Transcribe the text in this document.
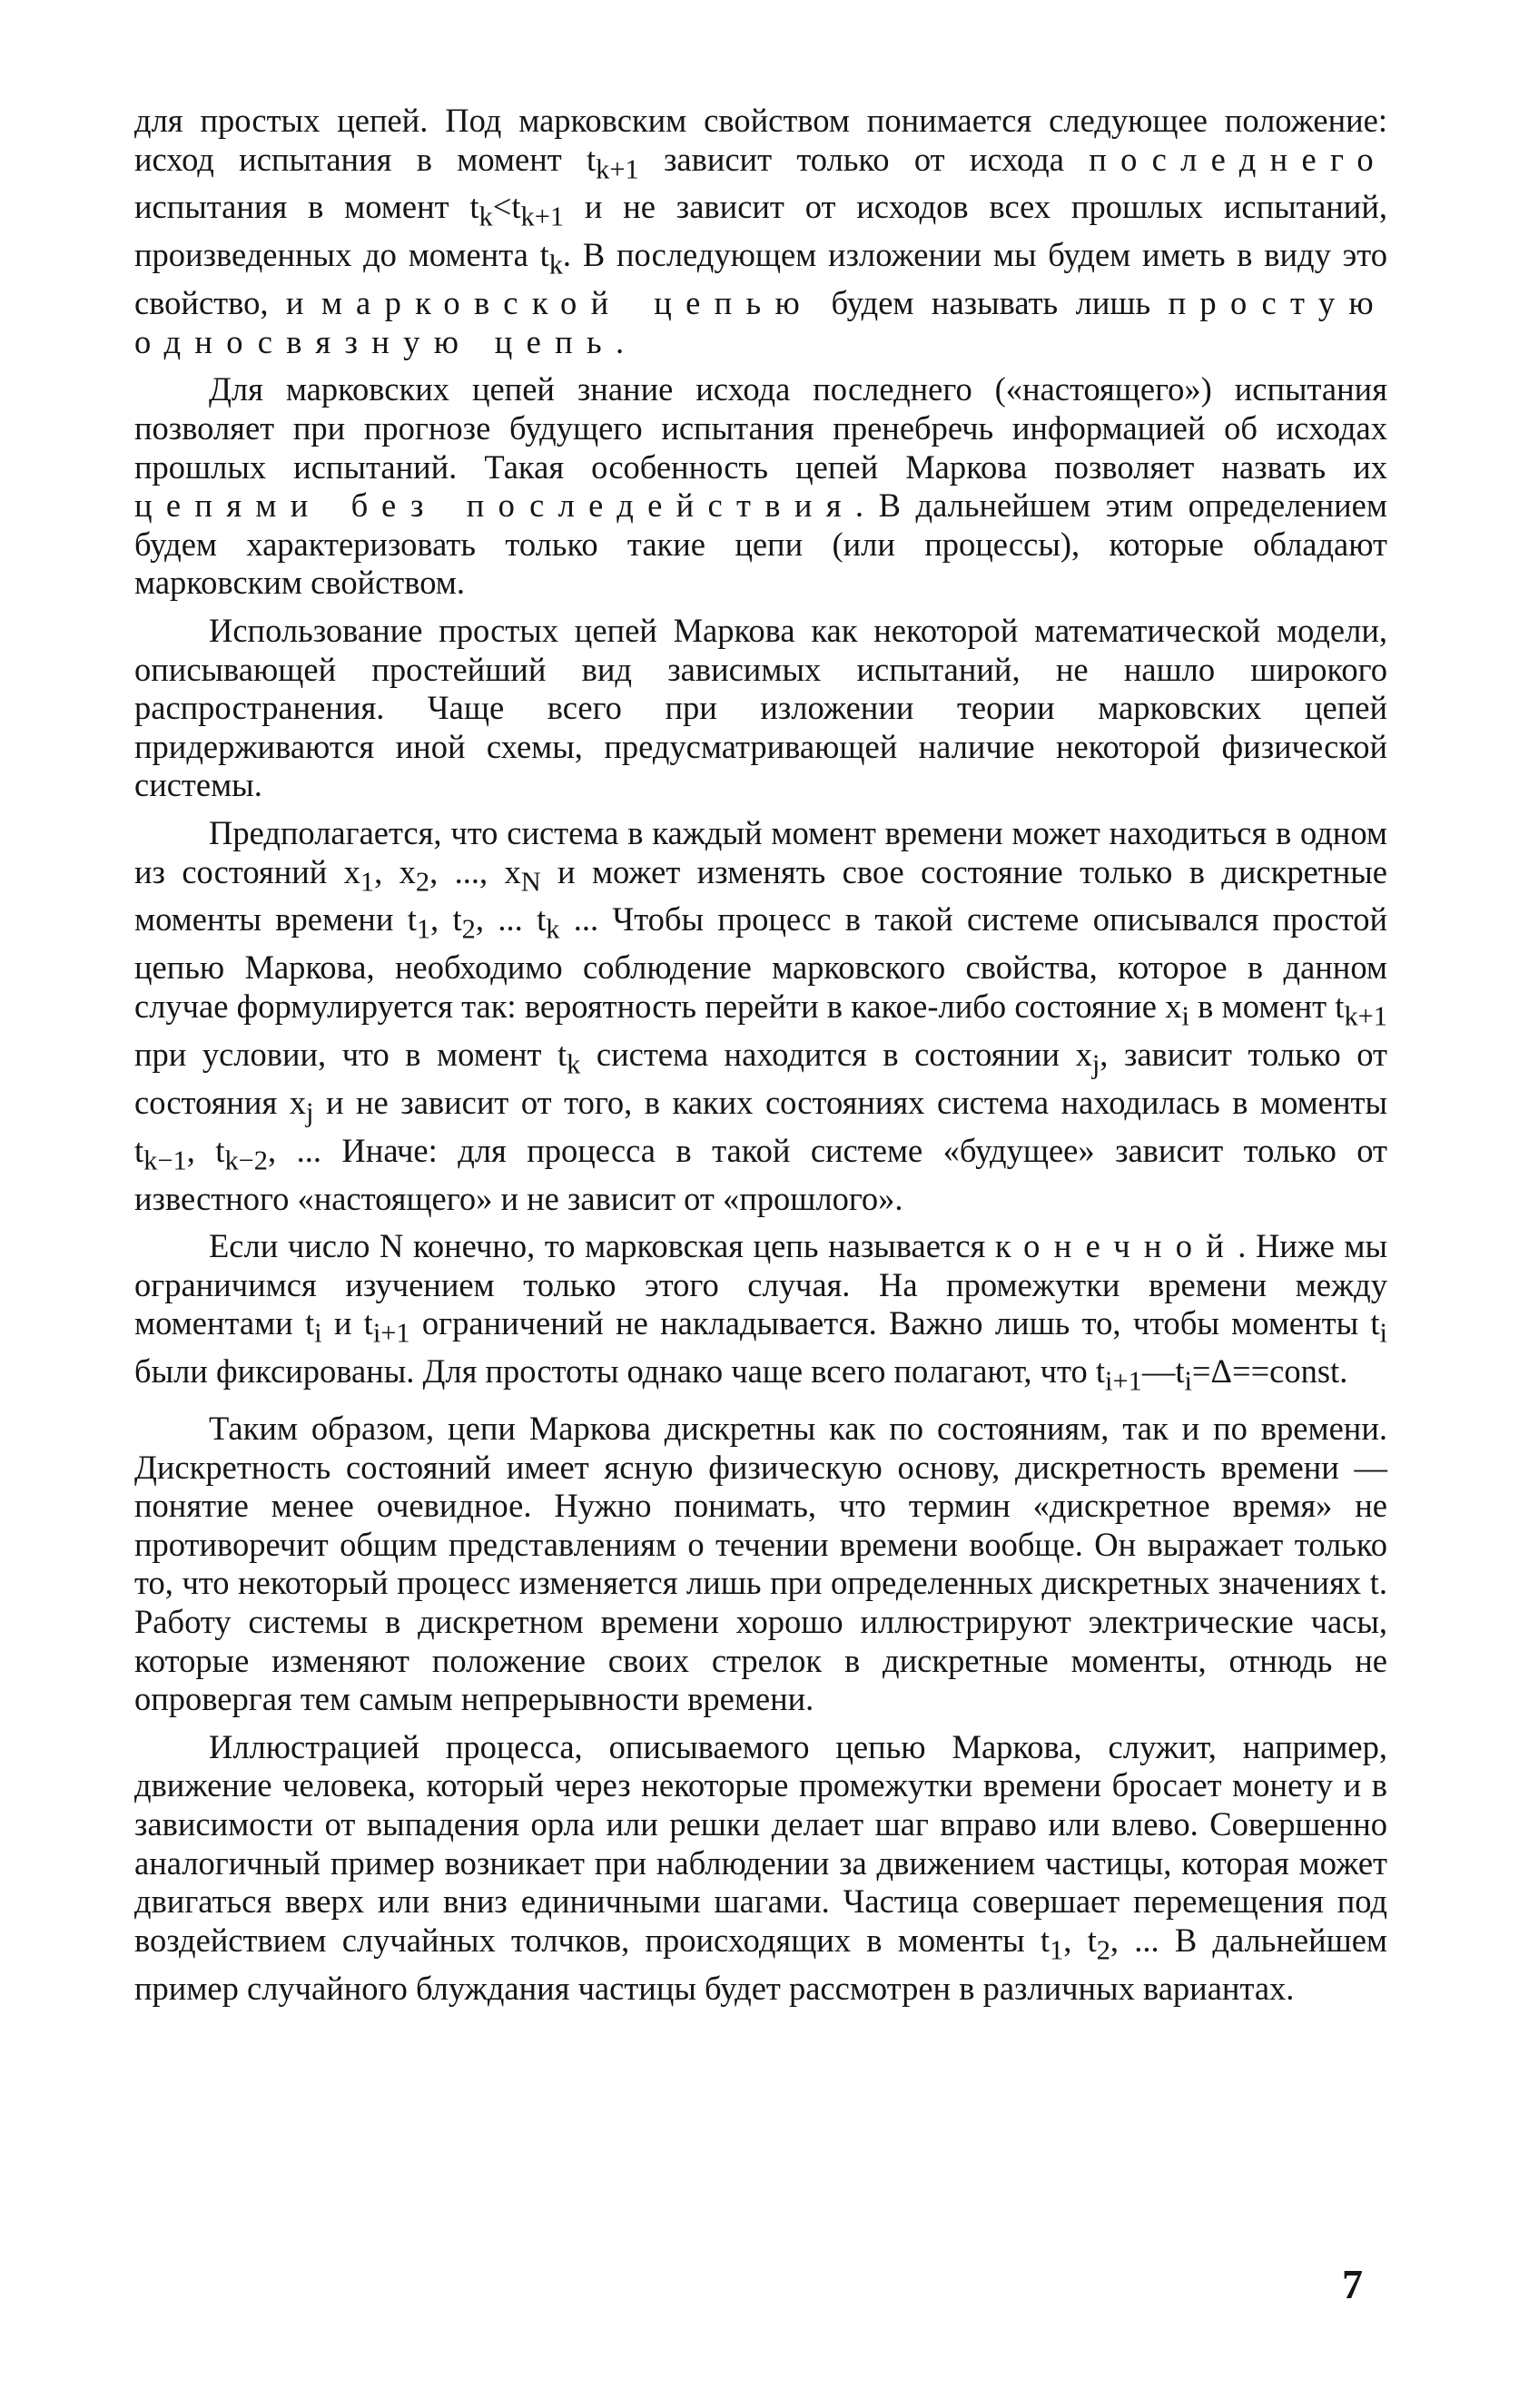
для простых цепей. Под марковским свойством понимается следующее положение: исход испытания в момент $t_{k+1}$ зависит только от исхода последнего испытания в момент $t_k<t_{k+1}$ и не зависит от исходов всех прошлых испытаний, произведенных до момента $t_k$. В последующем изложении мы будем иметь в виду это свойство, и марковской цепью будем называть лишь простую односвязную цепь.

Для марковских цепей знание исхода последнего («настоящего») испытания позволяет при прогнозе будущего испытания пренебречь информацией об исходах прошлых испытаний. Такая особенность цепей Маркова позволяет назвать их цепями без последействия. В дальнейшем этим определением будем характеризовать только такие цепи (или процессы), которые обладают марковским свойством.

Использование простых цепей Маркова как некоторой математической модели, описывающей простейший вид зависимых испытаний, не нашло широкого распространения. Чаще всего при изложении теории марковских цепей придерживаются иной схемы, предусматривающей наличие некоторой физической системы.

Предполагается, что система в каждый момент времени может находиться в одном из состояний $x_1$, $x_2$, ..., $x_N$ и может изменять свое состояние только в дискретные моменты времени $t_1$, $t_2$, ... $t_k$ ... Чтобы процесс в такой системе описывался простой цепью Маркова, необходимо соблюдение марковского свойства, которое в данном случае формулируется так: вероятность перейти в какое-либо состояние $x_i$ в момент $t_{k+1}$ при условии, что в момент $t_k$ система находится в состоянии $x_j$, зависит только от состояния $x_j$ и не зависит от того, в каких состояниях система находилась в моменты $t_{k-1}$, $t_{k-2}$, ... Иначе: для процесса в такой системе «будущее» зависит только от известного «настоящего» и не зависит от «прошлого».

Если число N конечно, то марковская цепь называется конечной. Ниже мы ограничимся изучением только этого случая. На промежутки времени между моментами $t_i$ и $t_{i+1}$ ограничений не накладывается. Важно лишь то, чтобы моменты $t_i$ были фиксированы. Для простоты однако чаще всего полагают, что $t_{i+1}—t_i=\Delta==const$.

Таким образом, цепи Маркова дискретны как по состояниям, так и по времени. Дискретность состояний имеет ясную физическую основу, дискретность времени — понятие менее очевидное. Нужно понимать, что термин «дискретное время» не противоречит общим представлениям о течении времени вообще. Он выражает только то, что некоторый процесс изменяется лишь при определенных дискретных значениях t. Работу системы в дискретном времени хорошо иллюстрируют электрические часы, которые изменяют положение своих стрелок в дискретные моменты, отнюдь не опровергая тем самым непрерывности времени.

Иллюстрацией процесса, описываемого цепью Маркова, служит, например, движение человека, который через некоторые промежутки времени бросает монету и в зависимости от выпадения орла или решки делает шаг вправо или влево. Совершенно аналогичный пример возникает при наблюдении за движением частицы, которая может двигаться вверх или вниз единичными шагами. Частица совершает перемещения под воздействием случайных толчков, происходящих в моменты $t_1$, $t_2$, ... В дальнейшем пример случайного блуждания частицы будет рассмотрен в различных вариантах.

7
